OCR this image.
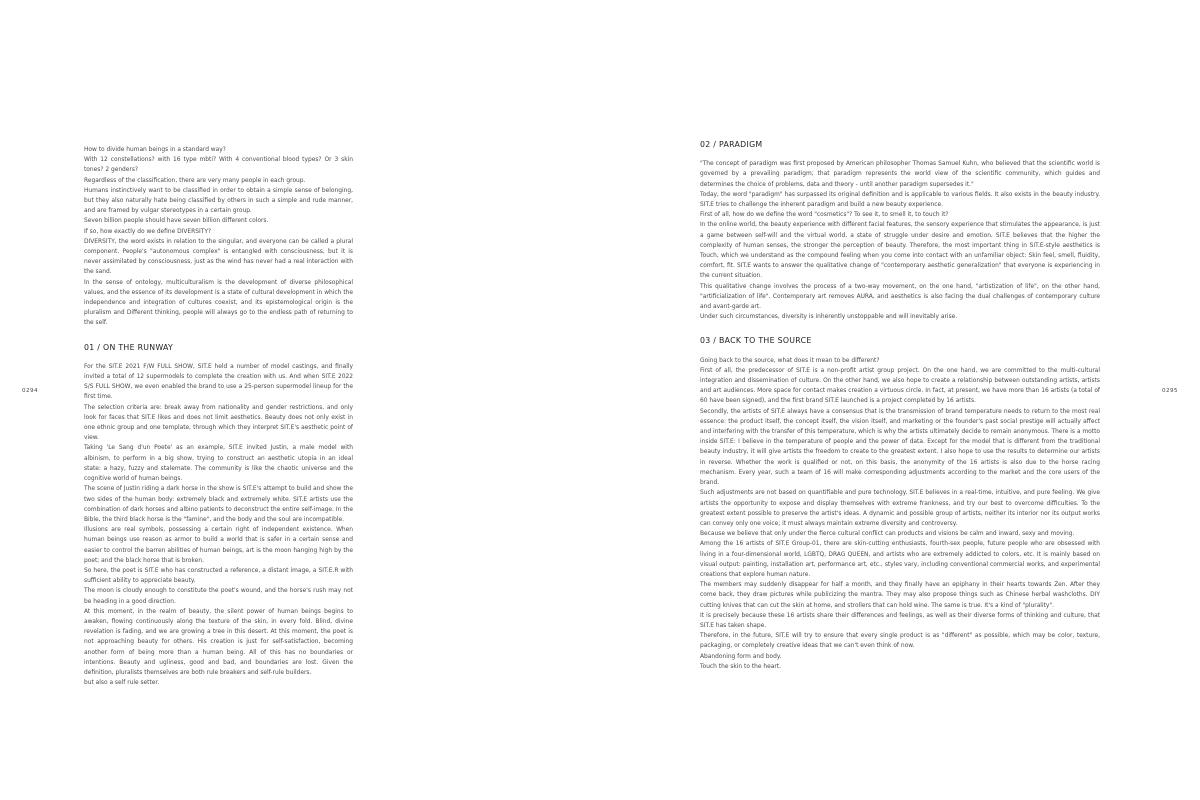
0294

How to divide human beings in a standard way?

With 12 constellations? with 16 type mbti? With 4 conventional blood types? Or 3 skin tones? 2 genders?

Regardless of the classification, there are very many people in each group.

Humans instinctively want to be classified in order to obtain a simple sense of belonging, but they also naturally hate being classified by others in such a simple and rude manner, and are framed by vulgar stereotypes in a certain group.

Seven billion people should have seven billion different colors.

If so, how exactly do we define DIVERSITY?

DIVERSITY, the word exists in relation to the singular, and everyone can be called a plural component. People's "autonomous complex" is entangled with consciousness, but it is never assimilated by consciousness, just as the wind has never had a real interaction with the sand.

In the sense of ontology, multiculturalism is the development of diverse philosophical values, and the essence of its development is a state of cultural development in which the independence and integration of cultures coexist, and its epistemological origin is the pluralism and Different thinking, people will always go to the endless path of returning to the self.

01 / ON THE RUNWAY

For the SIT.E 2021 F/W FULL SHOW, SIT.E held a number of model castings, and finally invited a total of 12 supermodels to complete the creation with us. And when SIT.E 2022 S/S FULL SHOW, we even enabled the brand to use a 25-person supermodel lineup for the first time.

The selection criteria are: break away from nationality and gender restrictions, and only look for faces that SIT.E likes and does not limit aesthetics. Beauty does not only exist in one ethnic group and one template, through which they interpret SIT.E's aesthetic point of view.

Taking 'Le Sang d'un Poete' as an example, SIT.E invited Justin, a male model with albinism, to perform in a big show, trying to construct an aesthetic utopia in an ideal state: a hazy, fuzzy and stalemate. The community is like the chaotic universe and the cognitive world of human beings.

The scene of Justin riding a dark horse in the show is SIT.E's attempt to build and show the two sides of the human body: extremely black and extremely white. SIT.E artists use the combination of dark horses and albino patients to deconstruct the entire self-image. In the Bible, the third black horse is the "famine", and the body and the soul are incompatible.

Illusions are real symbols, possessing a certain right of independent existence. When human beings use reason as armor to build a world that is safer in a certain sense and easier to control the barren abilities of human beings, art is the moon hanging high by the poet; and the black horse that is broken.

So here, the poet is SIT.E who has constructed a reference, a distant image, a SIT.E.R with sufficient ability to appreciate beauty.

The moon is cloudy enough to constitute the poet's wound, and the horse's rush may not be heading in a good direction.

At this moment, in the realm of beauty, the silent power of human beings begins to awaken, flowing continuously along the texture of the skin, in every fold. Blind, divine revelation is fading, and we are growing a tree in this desert. At this moment, the poet is not approaching beauty for others. His creation is just for self-satisfaction, becoming another form of being more than a human being. All of this has no boundaries or intentions. Beauty and ugliness, good and bad, and boundaries are lost. Given the definition, pluralists themselves are both rule breakers and self-rule builders.

but also a self rule setter.

0295
02 / PARADIGM

"The concept of paradigm was first proposed by American philosopher Thomas Samuel Kuhn, who believed that the scientific world is governed by a prevailing paradigm; that paradigm represents the world view of the scientific community, which guides and determines the choice of problems, data and theory - until another paradigm supersedes it."

Today, the word "paradigm" has surpassed its original definition and is applicable to various fields. It also exists in the beauty industry. SIT.E tries to challenge the inherent paradigm and build a new beauty experience.

First of all, how do we define the word "cosmetics"? To see it, to smell it, to touch it?

In the online world, the beauty experience with different facial features, the sensory experience that stimulates the appearance, is just a game between self-will and the virtual world, a state of struggle under desire and emotion. SIT.E believes that the higher the complexity of human senses, the stronger the perception of beauty. Therefore, the most important thing in SIT.E-style aesthetics is Touch, which we understand as the compound feeling when you come into contact with an unfamiliar object: Skin feel, smell, fluidity, comfort, fit. SIT.E wants to answer the qualitative change of "contemporary aesthetic generalization" that everyone is experiencing in the current situation.

This qualitative change involves the process of a two-way movement, on the one hand, "artistization of life", on the other hand, "artificialization of life". Contemporary art removes AURA, and aesthetics is also facing the dual challenges of contemporary culture and avant-garde art.

Under such circumstances, diversity is inherently unstoppable and will inevitably arise.

03 / BACK TO THE SOURCE

Going back to the source, what does it mean to be different?

First of all, the predecessor of SIT.E is a non-profit artist group project. On the one hand, we are committed to the multi-cultural integration and dissemination of culture. On the other hand, we also hope to create a relationship between outstanding artists, artists and art audiences. More space for contact makes creation a virtuous circle. In fact, at present, we have more than 16 artists (a total of 60 have been signed), and the first brand SIT.E launched is a project completed by 16 artists.

Secondly, the artists of SIT.E always have a consensus that is the transmission of brand temperature needs to return to the most real essence: the product itself, the concept itself, the vision itself, and marketing or the founder's past social prestige will actually affect and interfering with the transfer of this temperature, which is why the artists ultimately decide to remain anonymous. There is a motto inside SIT.E: I believe in the temperature of people and the power of data. Except for the model that is different from the traditional beauty industry, it will give artists the freedom to create to the greatest extent. I also hope to use the results to determine our artists in reverse. Whether the work is qualified or not, on this basis, the anonymity of the 16 artists is also due to the horse racing mechanism. Every year, such a team of 16 will make corresponding adjustments according to the market and the core users of the brand.

Such adjustments are not based on quantifiable and pure technology. SIT.E believes in a real-time, intuitive, and pure feeling. We give artists the opportunity to expose and display themselves with extreme frankness, and try our best to overcome difficulties. To the greatest extent possible to preserve the artist's ideas. A dynamic and possible group of artists, neither its interior nor its output works can convey only one voice; it must always maintain extreme diversity and controversy.

Because we believe that only under the fierce cultural conflict can products and visions be calm and inward, sexy and moving.

Among the 16 artists of SIT.E Group-01, there are skin-cutting enthusiasts, fourth-sex people, future people who are obsessed with living in a four-dimensional world, LGBTQ, DRAG QUEEN, and artists who are extremely addicted to colors, etc. It is mainly based on visual output: painting, installation art, performance art, etc., styles vary, including conventional commercial works, and experimental creations that explore human nature.

The members may suddenly disappear for half a month, and they finally have an epiphany in their hearts towards Zen. After they come back, they draw pictures while publicizing the mantra. They may also propose things such as Chinese herbal washcloths. DIY cutting knives that can cut the skin at home, and strollers that can hold wine. The same is true. It's a kind of "plurality".

It is precisely because these 16 artists share their differences and feelings, as well as their diverse forms of thinking and culture, that SIT.E has taken shape.

Therefore, in the future, SIT.E will try to ensure that every single product is as "different" as possible, which may be color, texture, packaging, or completely creative ideas that we can't even think of now.

Abandoning form and body.

Touch the skin to the heart.
